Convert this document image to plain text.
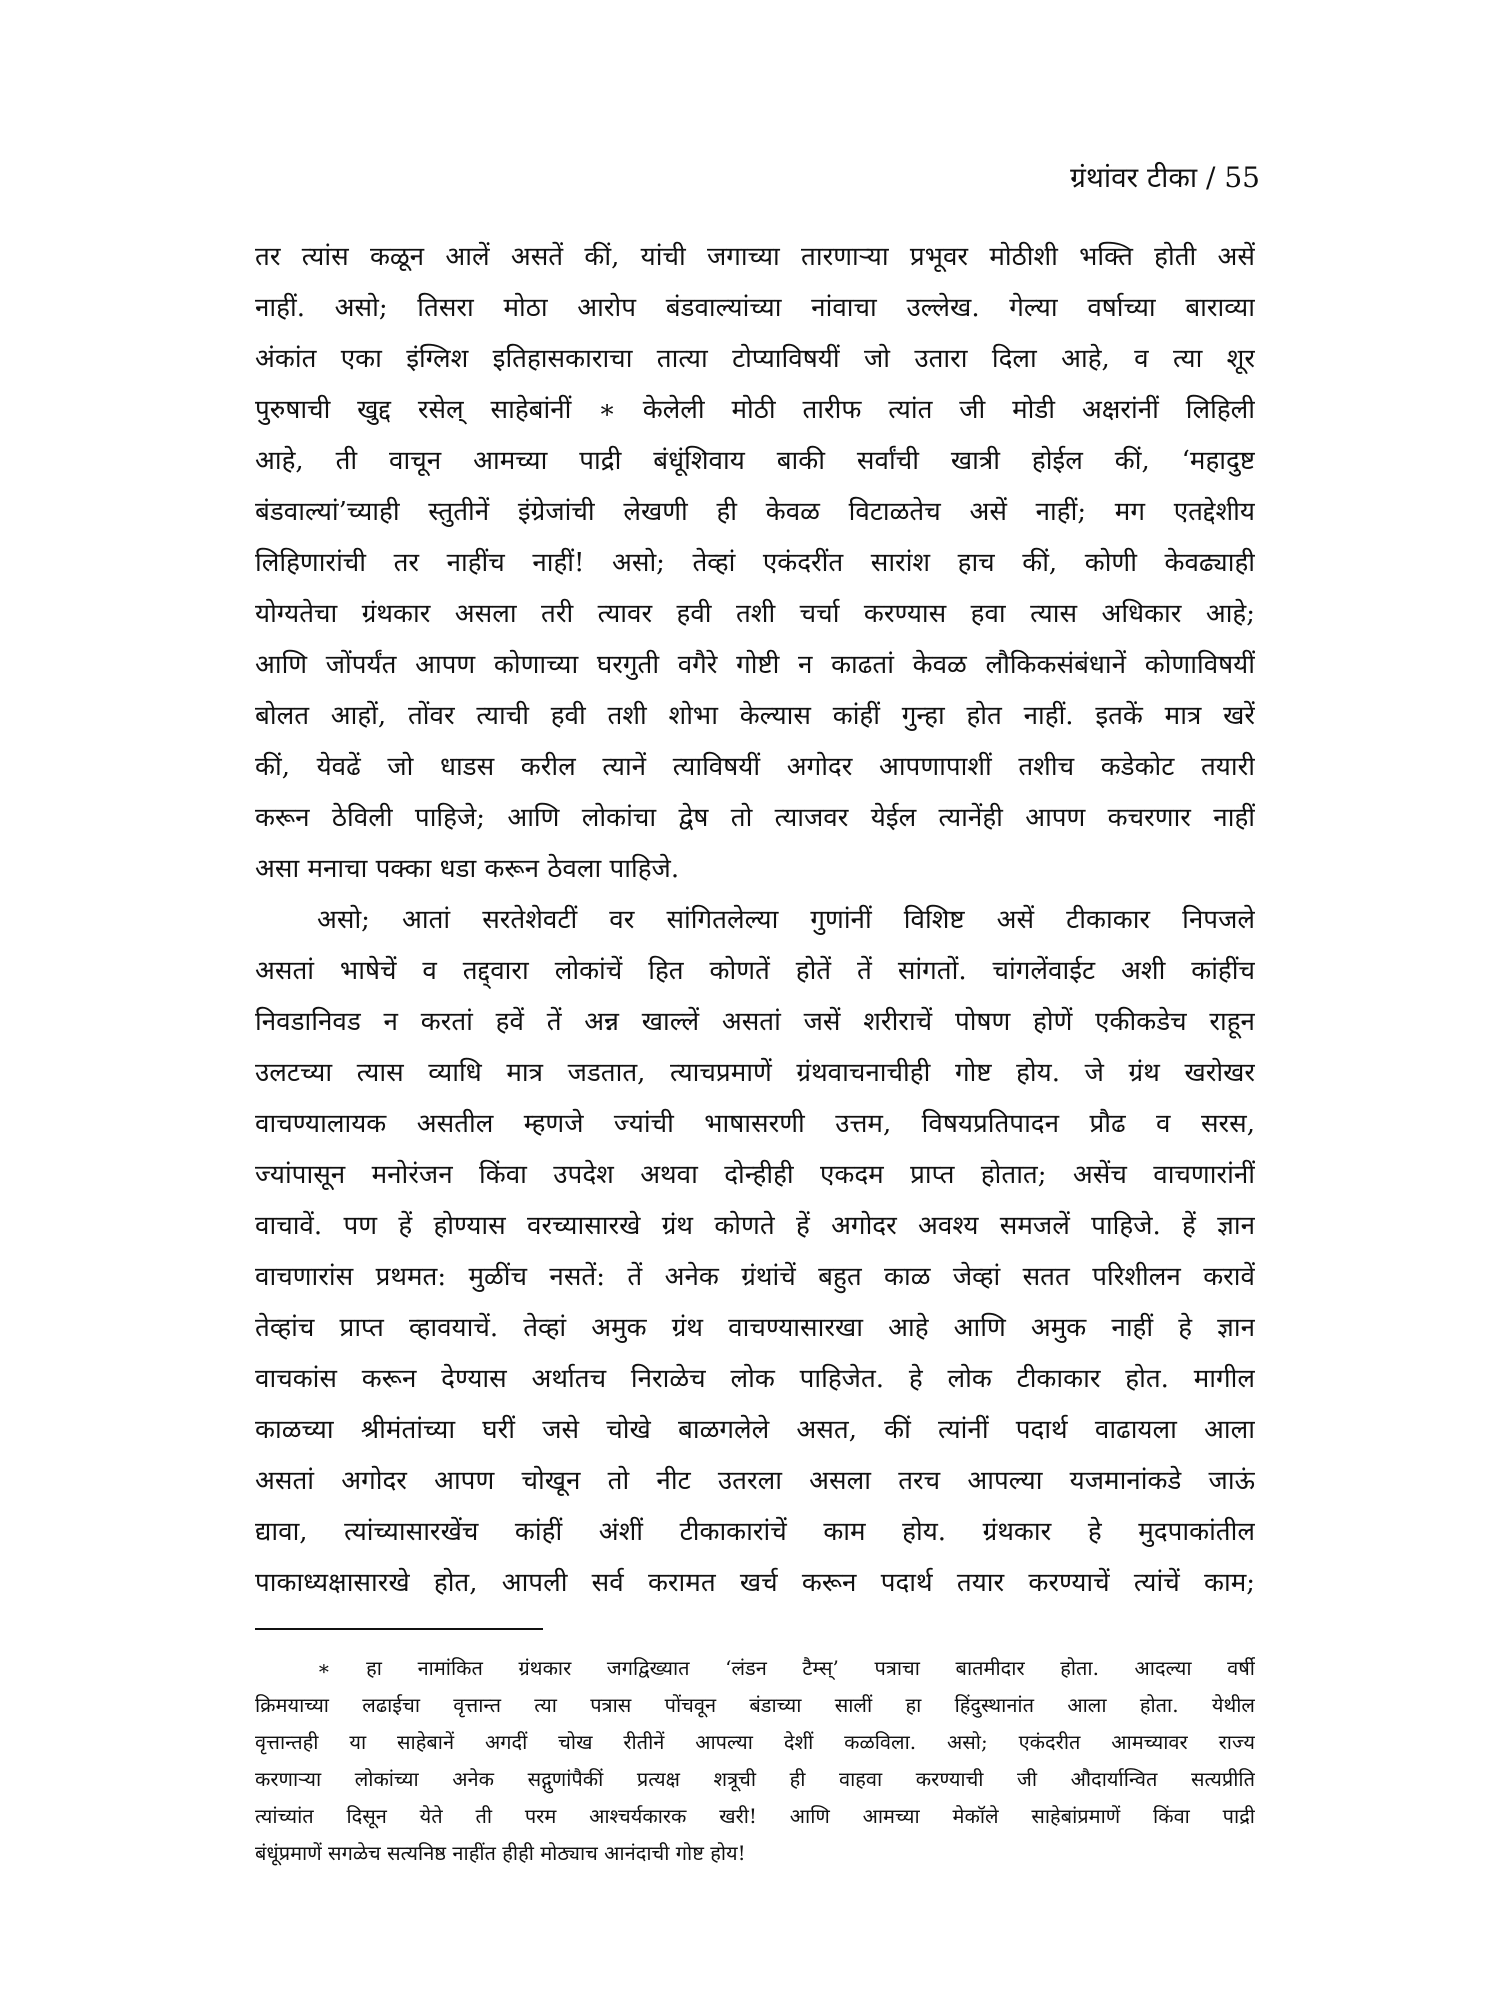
ग्रंथांवर टीका / 55
तर त्यांस कळून आलें असतें कीं, यांची जगाच्या तारणाऱ्या प्रभूवर मोठीशी भक्ति होती असें
नाहीं. असो; तिसरा मोठा आरोप बंडवाल्यांच्या नांवाचा उल्लेख. गेल्या वर्षाच्या बाराव्या
अंकांत एका इंग्लिश इतिहासकाराचा तात्या टोप्याविषयीं जो उतारा दिला आहे, व त्या शूर
पुरुषाची खुद्द रसेल् साहेबांनीं ∗ केलेली मोठी तारीफ त्यांत जी मोडी अक्षरांनीं लिहिली
आहे, ती वाचून आमच्या पाद्री बंधूंशिवाय बाकी सर्वांची खात्री होईल कीं, ‘महादुष्ट
बंडवाल्यां’च्याही स्तुतीनें इंग्रेजांची लेखणी ही केवळ विटाळतेच असें नाहीं; मग एतद्देशीय
लिहिणारांची तर नाहींच नाहीं! असो; तेव्हां एकंदरींत सारांश हाच कीं, कोणी केवढ्याही
योग्यतेचा ग्रंथकार असला तरी त्यावर हवी तशी चर्चा करण्यास हवा त्यास अधिकार आहे;
आणि जोंपर्यंत आपण कोणाच्या घरगुती वगैरे गोष्टी न काढतां केवळ लौकिकसंबंधानें कोणाविषयीं
बोलत आहों, तोंवर त्याची हवी तशी शोभा केल्यास कांहीं गुन्हा होत नाहीं. इतकें मात्र खरें
कीं, येवढें जो धाडस करील त्यानें त्याविषयीं अगोदर आपणापाशीं तशीच कडेकोट तयारी
करून ठेविली पाहिजे; आणि लोकांचा द्वेष तो त्याजवर येईल त्यानेंही आपण कचरणार नाहीं
असा मनाचा पक्का धडा करून ठेवला पाहिजे.
असो; आतां सरतेशेवटीं वर सांगितलेल्या गुणांनीं विशिष्ट असें टीकाकार निपजले
असतां भाषेचें व तद्द्वारा लोकांचें हित कोणतें होतें तें सांगतों. चांगलेंवाईट अशी कांहींच
निवडानिवड न करतां हवें तें अन्न खाल्लें असतां जसें शरीराचें पोषण होणें एकीकडेच राहून
उलटच्या त्यास व्याधि मात्र जडतात, त्याचप्रमाणें ग्रंथवाचनाचीही गोष्ट होय. जे ग्रंथ खरोखर
वाचण्यालायक असतील म्हणजे ज्यांची भाषासरणी उत्तम, विषयप्रतिपादन प्रौढ व सरस,
ज्यांपासून मनोरंजन किंवा उपदेश अथवा दोन्हीही एकदम प्राप्त होतात; असेंच वाचणारांनीं
वाचावें. पण हें होण्यास वरच्यासारखे ग्रंथ कोणते हें अगोदर अवश्य समजलें पाहिजे. हें ज्ञान
वाचणारांस प्रथमत: मुळींच नसतें: तें अनेक ग्रंथांचें बहुत काळ जेव्हां सतत परिशीलन करावें
तेव्हांच प्राप्त व्हावयाचें. तेव्हां अमुक ग्रंथ वाचण्यासारखा आहे आणि अमुक नाहीं हे ज्ञान
वाचकांस करून देण्यास अर्थातच निराळेच लोक पाहिजेत. हे लोक टीकाकार होत. मागील
काळच्या श्रीमंतांच्या घरीं जसे चोखे बाळगलेले असत, कीं त्यांनीं पदार्थ वाढायला आला
असतां अगोदर आपण चोखून तो नीट उतरला असला तरच आपल्या यजमानांकडे जाऊं
द्यावा, त्यांच्यासारखेंच कांहीं अंशीं टीकाकारांचें काम होय. ग्रंथकार हे मुदपाकांतील
पाकाध्यक्षासारखे होत, आपली सर्व करामत खर्च करून पदार्थ तयार करण्याचें त्यांचें काम;
∗ हा नामांकित ग्रंथकार जगद्विख्यात ‘लंडन टैम्स्’ पत्राचा बातमीदार होता. आदल्या वर्षी
क्रिमयाच्या लढाईचा वृत्तान्त त्या पत्रास पोंचवून बंडाच्या सालीं हा हिंदुस्थानांत आला होता. येथील
वृत्तान्तही या साहेबानें अगदीं चोख रीतीनें आपल्या देशीं कळविला. असो; एकंदरीत आमच्यावर राज्य
करणाऱ्या लोकांच्या अनेक सद्गुणांपैकीं प्रत्यक्ष शत्रूची ही वाहवा करण्याची जी औदार्यान्वित सत्यप्रीति
त्यांच्यांत दिसून येते ती परम आश्चर्यकारक खरी! आणि आमच्या मेकॉले साहेबांप्रमाणें किंवा पाद्री
बंधूंप्रमाणें सगळेच सत्यनिष्ठ नाहींत हीही मोठ्याच आनंदाची गोष्ट होय!
